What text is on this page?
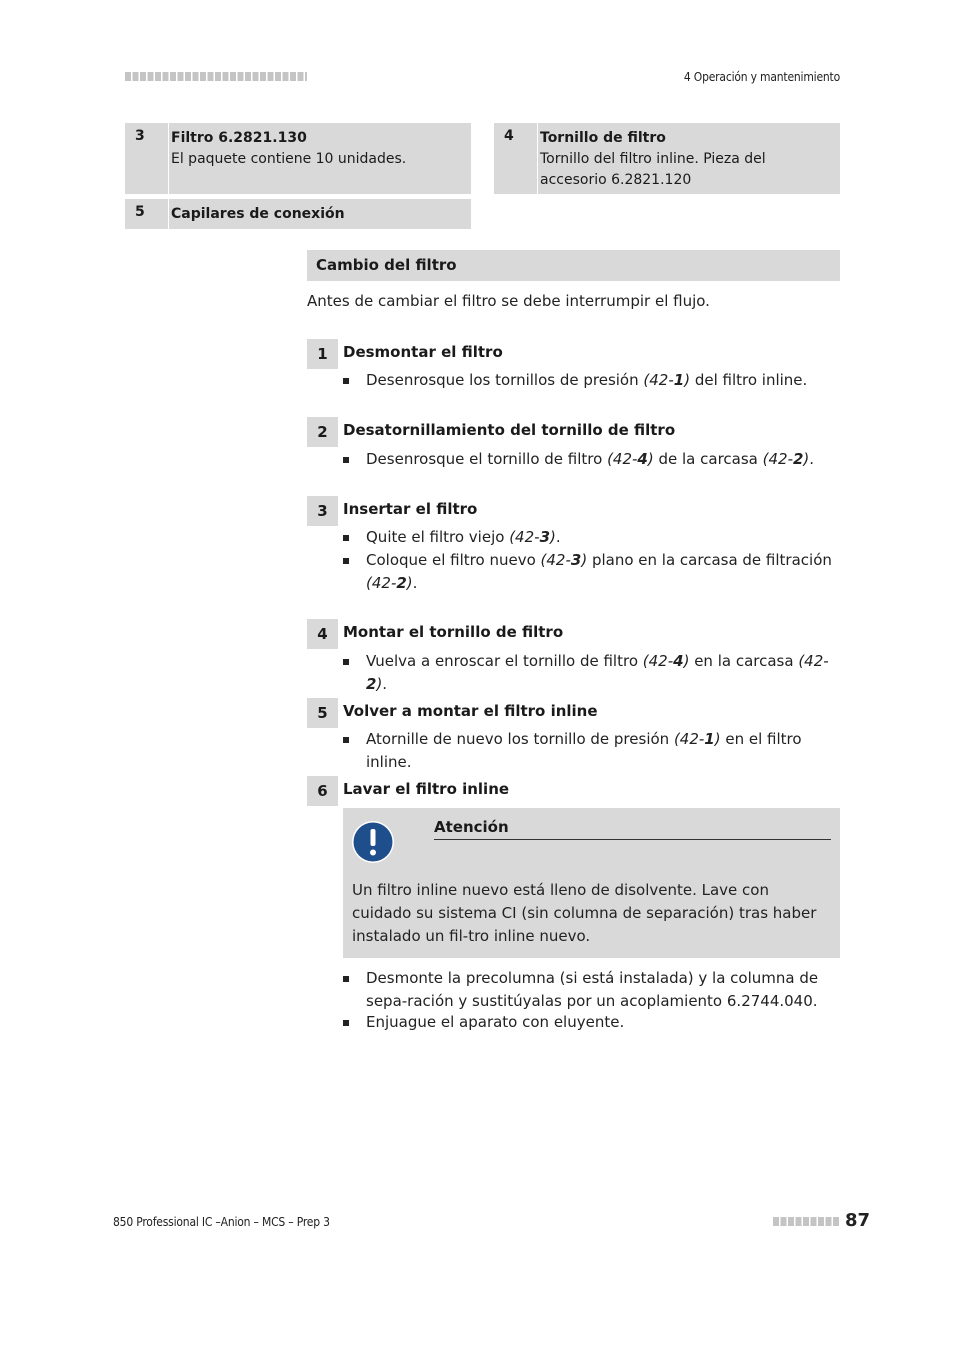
4 Operación y mantenimiento
3	Filtro 6.2821.130
El paquete contiene 10 unidades.
4	Tornillo de filtro
Tornillo del filtro inline. Pieza del accesorio 6.2821.120
5	Capilares de conexión
Cambio del filtro
Antes de cambiar el filtro se debe interrumpir el flujo.
1	Desmontar el filtro
Desenrosque los tornillos de presión (42-1) del filtro inline.
2	Desatornillamiento del tornillo de filtro
Desenrosque el tornillo de filtro (42-4) de la carcasa (42-2).
3	Insertar el filtro
Quite el filtro viejo (42-3).
Coloque el filtro nuevo (42-3) plano en la carcasa de filtración (42-2).
4	Montar el tornillo de filtro
Vuelva a enroscar el tornillo de filtro (42-4) en la carcasa (42-2).
5	Volver a montar el filtro inline
Atornille de nuevo los tornillo de presión (42-1) en el filtro inline.
6	Lavar el filtro inline
Atención
Un filtro inline nuevo está lleno de disolvente. Lave con cuidado su sistema CI (sin columna de separación) tras haber instalado un fil-tro inline nuevo.
Desmonte la precolumna (si está instalada) y la columna de sepa-ración y sustitúyalas por un acoplamiento 6.2744.040.
Enjuague el aparato con eluyente.
850 Professional IC –Anion – MCS – Prep 3	87
